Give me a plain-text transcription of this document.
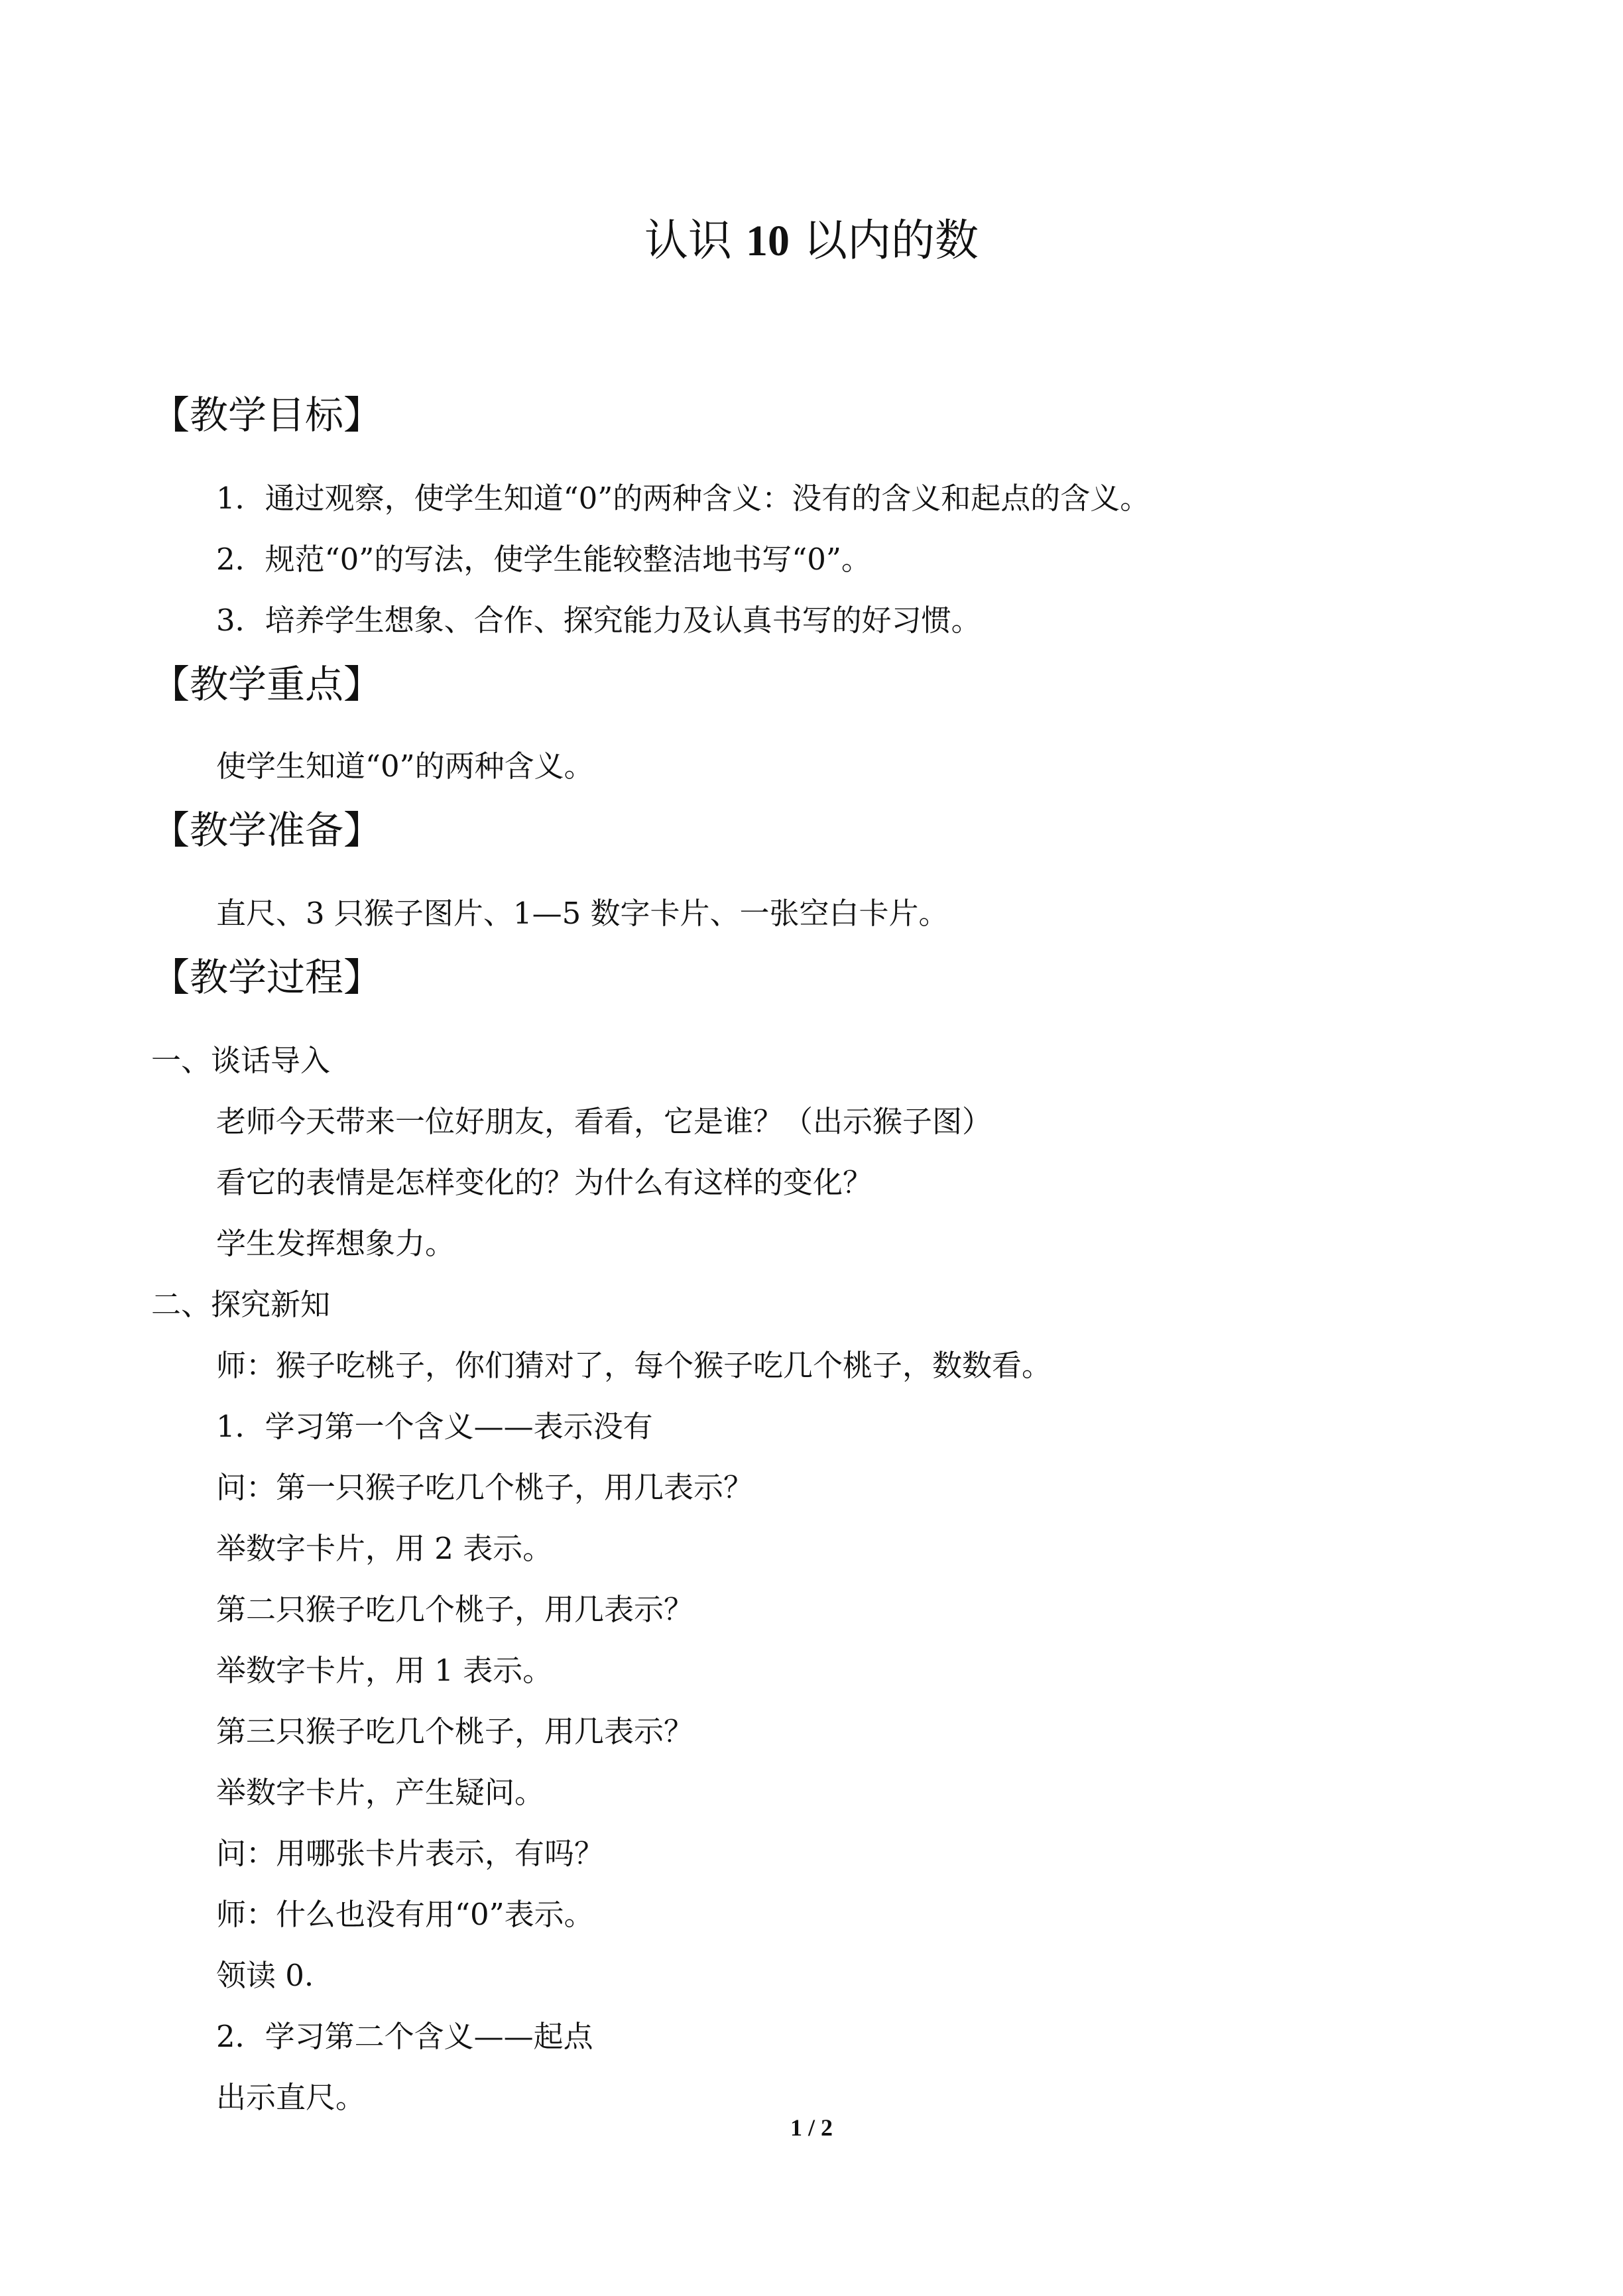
认识 10 以内的数
【教学目标】
1．通过观察，使学生知道“0”的两种含义：没有的含义和起点的含义。
2．规范“0”的写法，使学生能较整洁地书写“0”。
3．培养学生想象、合作、探究能力及认真书写的好习惯。
【教学重点】
使学生知道“0”的两种含义。
【教学准备】
直尺、3 只猴子图片、1—5 数字卡片、一张空白卡片。
【教学过程】
一、谈话导入
老师今天带来一位好朋友，看看，它是谁？（出示猴子图）
看它的表情是怎样变化的？为什么有这样的变化？
学生发挥想象力。
二、探究新知
师：猴子吃桃子，你们猜对了，每个猴子吃几个桃子，数数看。
1．学习第一个含义——表示没有
问：第一只猴子吃几个桃子，用几表示？
举数字卡片，用 2 表示。
第二只猴子吃几个桃子，用几表示？
举数字卡片，用 1 表示。
第三只猴子吃几个桃子，用几表示？
举数字卡片，产生疑问。
问：用哪张卡片表示，有吗？
师：什么也没有用“0”表示。
领读 0.
2．学习第二个含义——起点
出示直尺。
1 / 2
